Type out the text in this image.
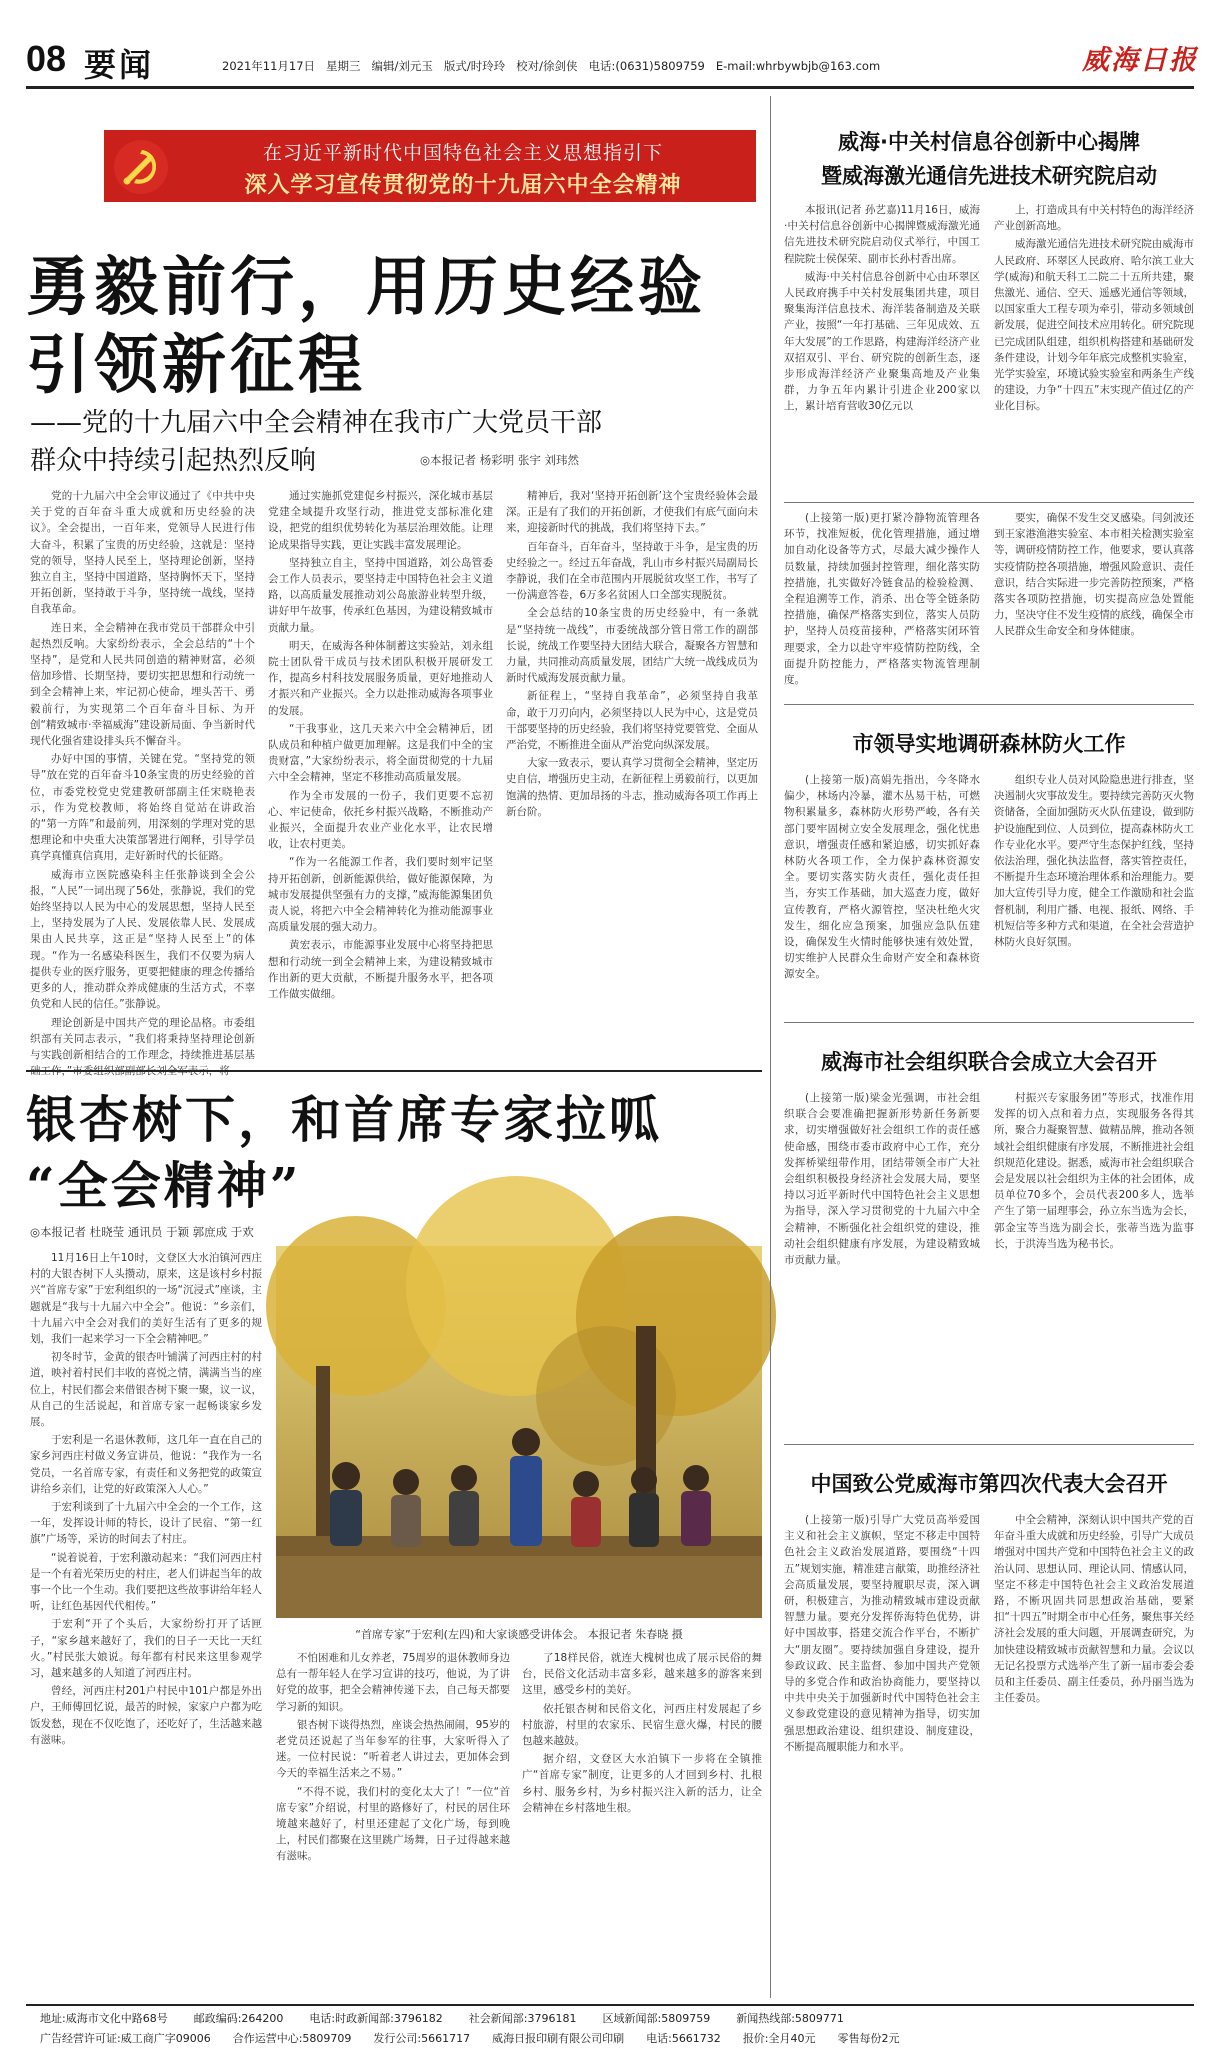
08 要闻	2021年11月17日 星期三 编辑/刘元玉 版式/时玲玲 校对/徐剑侠 电话:(0631)5809759 E-mail:whrbywbjb@163.com	威海日报
在习近平新时代中国特色社会主义思想指引下
深入学习宣传贯彻党的十九届六中全会精神
勇毅前行，用历史经验
引领新征程
——党的十九届六中全会精神在我市广大党员干部
群众中持续引起热烈反响	◎本报记者 杨彩明 张宇 刘玮然

党的十九届六中全会审议通过了《中共中央关于党的百年奋斗重大成就和历史经验的决议》。全会提出，一百年来，党领导人民进行伟大奋斗，积累了宝贵的历史经验，这就是：坚持党的领导，坚持人民至上，坚持理论创新，坚持独立自主，坚持中国道路，坚持胸怀天下，坚持开拓创新，坚持敢于斗争，坚持统一战线，坚持自我革命。

连日来，全会精神在我市党员干部群众中引起热烈反响。大家纷纷表示，全会总结的“十个坚持”，是党和人民共同创造的精神财富，必须倍加珍惜、长期坚持，要切实把思想和行动统一到全会精神上来，牢记初心使命，埋头苦干、勇毅前行，为实现第二个百年奋斗目标、为开创“精致城市·幸福威海”建设新局面、争当新时代现代化强省建设排头兵不懈奋斗。

办好中国的事情，关键在党。“坚持党的领导”放在党的百年奋斗10条宝贵的历史经验的首位，市委党校党史党建教研部副主任宋晓艳表示，作为党校教师，将始终自觉站在讲政治的“第一方阵”和最前列，用深刻的学理对党的思想理论和中央重大决策部署进行阐释，引导学员真学真懂真信真用，走好新时代的长征路。

威海市立医院感染科主任张静谈到全会公报，“人民”一词出现了56处，张静说，我们的党始终坚持以人民为中心的发展思想，坚持人民至上，坚持发展为了人民、发展依靠人民、发展成果由人民共享，这正是“坚持人民至上”的体现。“作为一名感染科医生，我们不仅要为病人提供专业的医疗服务，更要把健康的理念传播给更多的人，推动群众养成健康的生活方式，不辜负党和人民的信任。”张静说。

理论创新是中国共产党的理论品格。市委组织部有关同志表示，“我们将秉持坚持理论创新与实践创新相结合的工作理念，持续推进基层基

通过实施抓党建促乡村振兴，深化城市基层党建全域提升攻坚行动，推进党支部标准化建设，把党的组织优势转化为基层治理效能。让理论成果指导实践，更让实践丰富发展理论。

坚持独立自主，坚持中国道路，刘公岛管委会工作人员表示，要坚持走中国特色社会主义道路，以高质量发展推动刘公岛旅游业转型升级，讲好甲午故事，传承红色基因，为建设精致城市贡献力量。

明天，在威海各种体制蓄这实验站，刘永组院士团队骨干成员与技术团队积极开展研发工作，提高乡村科技发展服务质量，更好地推动人才振兴和产业振兴。全力以赴推动威海各项事业的发展。

“干我事业，这几天来六中全会精神后，团队成员和种植户做更加理解。这是我们中全的宝贵财富，”大家纷纷表示，将全面贯彻党的十九届六中全会精神，坚定不移推动高质量发展。

作为全市发展的一份子，我们更要不忘初心、牢记使命，依托乡村振兴战略，不断推动产业振兴，全面提升农业产业化水平，让农民增收，让农村更美。

“作为一名能源工作者，我们要时刻牢记坚持开拓创新，创新能源供给，做好能源保障，为城市发展提供坚强有力的支撑，”威海能源集团负责人说，将把六中全会精神转化为推动能源事业高质量发展的强大动力。

黄宏表示，市能源事业发展中心将坚持把思想和行动统一到全会精神上来，为建设精致城市作出新的更大贡献，不断提升服务水平，把各项工作做实做细。

精神后，我对‘坚持开拓创新’这个宝贵经验体会最深。正是有了我们的开拓创新，才使我们有底气面向未来，迎接新时代的挑战，我们将坚持下去。”

百年奋斗，百年奋斗，坚持敢于斗争，是宝贵的历史经验之一。经过五年奋战，乳山市乡村振兴局副局长李静说，我们在全市范围内开展脱贫攻坚工作，书写了一份满意答卷，6万多名贫困人口全部实现脱贫。

全会总结的10条宝贵的历史经验中，有一条就是“坚持统一战线”，市委统战部分管日常工作的副部长说，统战工作要坚持大团结大联合，凝聚各方智慧和力量，共同推动高质量发展，团结广大统一战线成员为新时代威海发展贡献力量。

新征程上，“坚持自我革命”，必须坚持自我革命，敢于刀刃向内，必须坚持以人民为中心，这是党员干部要坚持的历史经验，我们将坚持党要管党、全面从严治党，不断推进全面从严治党向纵深发展。

大家一致表示，要认真学习贯彻全会精神，坚定历史自信，增强历史主动，在新征程上勇毅前行，以更加饱满的热情、更加昂扬的斗志，推动威海各项工作再上新台阶。

银杏树下，和首席专家拉呱
“全会精神”
◎本报记者 杜晓莹 通讯员 于颖 郭庶成 于欢

11月16日上午10时，文登区大水泊镇河西庄村的大银杏树下人头攒动，原来，这是该村乡村振兴“首席专家”于宏利组织的一场“沉浸式”座谈，主题就是“我与十九届六中全会”。他说：“乡亲们，十九届六中全会对我们的美好生活有了更多的规划，我们一起来学习一下全会精神吧。”

初冬时节，金黄的银杏叶铺满了河西庄村的村道，映衬着村民们丰收的喜悦之情，满满当当的座位上，村民们都会来借银杏树下聚一聚，议一议，从自己的生活说起，和首席专家一起畅谈家乡发展。

于宏利是一名退休教师，这几年一直在自己的家乡河西庄村做义务宣讲员，他说：“我作为一名党员，一名首席专家，有责任和义务把党的政策宣讲给乡亲们，让党的好政策深入人心。”

于宏利谈到了十九届六中全会的一个工作，这一年，发挥设计师的特长，设计了民宿、“第一红旗”广场等，采访的时间去了村庄。

“说着说着，于宏利激动起来：“我们河西庄村是一个有着光荣历史的村庄，老人们讲起当年的故事一个比一个生动。我们要把这些故事讲给年轻人听，让红色基因代代相传。”

于宏利“开了个头后，大家纷纷打开了话匣子，“家乡越来越好了，我们的日子一天比一天红火。”村民张大娘说。每年都有村民来这里参观学习，越来越多的人知道了河西庄村。

曾经，河西庄村201户村民中101户都是外出户，王师傅回忆说，最苦的时候，家家户户都为吃饭发愁，现在不仅吃饱了，还吃好了，生活越来越有滋味。

“首席专家”于宏利(左四)和大家谈感受讲体会。 本报记者 朱春晓 摄

不怕困难和儿女养老，75周岁的退休教师身边总有一帮年轻人在学习宣讲的技巧，他说，为了讲好党的故事，把全会精神传递下去，自己每天都要学习新的知识。

银杏树下谈得热烈，座谈会热热闹闹，95岁的老党员还说起了当年参军的往事，大家听得入了迷。一位村民说：“听着老人讲过去，更加体会到今天的幸福生活来之不易。”

“不得不说，我们村的变化太大了！”一位“首席专家”介绍说，村里的路修好了，村民的居住环境越来越好了，村里还建起了文化广场，每到晚上，村民们都聚在这里跳广场舞，日子过得越来越有滋味。

了18样民俗，就连大槐树也成了展示民俗的舞台，民俗文化活动丰富多彩，越来越多的游客来到这里，感受乡村的美好。

依托银杏树和民俗文化，河西庄村发展起了乡村旅游，村里的农家乐、民宿生意火爆，村民的腰包越来越鼓。

据介绍，文登区大水泊镇下一步将在全镇推广“首席专家”制度，让更多的人才回到乡村、扎根乡村、服务乡村，为乡村振兴注入新的活力，让全会精神在乡村落地生根。

威海·中关村信息谷创新中心揭牌
暨威海激光通信先进技术研究院启动

本报讯(记者 孙艺嘉)11月16日，威海·中关村信息谷创新中心揭牌暨威海激光通信先进技术研究院启动仪式举行，中国工程院院士侯保荣、副市长孙村香出席。

威海·中关村信息谷创新中心由环翠区人民政府携手中关村发展集团共建，项目聚集海洋信息技术、海洋装备制造及关联产业，按照“一年打基础、三年见成效、五年大发展”的工作思路，构建海洋经济产业双招双引、平台、研究院的创新生态，逐步形成海洋经济产业聚集高地及产业集群，力争五年内累计引进企业200家以上，累计培育营收30亿元以

上，打造成具有中关村特色的海洋经济产业创新高地。

威海激光通信先进技术研究院由威海市人民政府、环翠区人民政府、哈尔滨工业大学(威海)和航天科工二院二十五所共建，聚焦激光、通信、空天、遥感光通信等领域，以国家重大工程专项为牵引，带动多领域创新发展，促进空间技术应用转化。研究院现已完成团队组建，组织机构搭建和基础研发条件建设，计划今年年底完成整机实验室，光学实验室，环境试验实验室和两条生产线的建设，力争“十四五”末实现产值过亿的产业化目标。

(上接第一版)更打紧冷静物流管理各环节，找准短板，优化管理措施，通过增加自动化设备等方式，尽最大减少操作人员数量，持续加强封控管理，细化落实防控措施，扎实做好冷链食品的检验检测、全程追溯等工作，消杀、出仓等全链条防控措施，确保严格落实到位，落实人员防护，坚持人员疫苗接种，严格落实闭环管理要求，全力以赴守牢疫情防控防线，全面提升防控能力，严格落实物流管理制度。

要实，确保不发生交叉感染。闫剑波还到王家港渔港实验室、本市相关检测实验室等，调研疫情防控工作，他要求，要认真落实疫情防控各项措施，增强风险意识、责任意识，结合实际进一步完善防控预案，严格落实各项防控措施，切实提高应急处置能力，坚决守住不发生疫情的底线，确保全市人民群众生命安全和身体健康。

市领导实地调研森林防火工作

(上接第一版)高娟先指出，今冬降水偏少，林场内冷暴，灌木丛易干枯，可燃物积累量多，森林防火形势严峻，各有关部门要牢固树立安全发展理念，强化忧患意识，增强责任感和紧迫感，切实抓好森林防火各项工作，全力保护森林资源安全。要切实落实防火责任，强化责任担当，夯实工作基础，加大巡查力度，做好宣传教育，严格火源管控，坚决杜绝火灾发生，细化应急预案，加强应急队伍建设，确保发生火情时能够快速有效处置，切实维护人民群众生命财产安全和森林资源安全。

组织专业人员对风险隐患进行排查，坚决遏制火灾事故发生。要持续完善防灭火物资储备，全面加强防灭火队伍建设，做到防护设施配到位、人员到位，提高森林防火工作专业化水平。要严守生态保护红线，坚持依法治理，强化执法监督，落实管控责任，不断提升生态环境治理体系和治理能力。要加大宣传引导力度，健全工作激励和社会监督机制，利用广播、电视、报纸、网络、手机短信等多种方式和渠道，在全社会营造护林防火良好氛围。

威海市社会组织联合会成立大会召开

(上接第一版)梁金光强调，市社会组织联合会要准确把握新形势新任务新要求，切实增强做好社会组织工作的责任感使命感，围绕市委市政府中心工作，充分发挥桥梁纽带作用，团结带领全市广大社会组织积极投身经济社会发展大局，要坚持以习近平新时代中国特色社会主义思想为指导，深入学习贯彻党的十九届六中全会精神，不断强化社会组织党的建设，推动社会组织健康有序发展，为建设精致城市贡献力量。

村振兴专家服务团”等形式，找准作用发挥的切入点和着力点，实现服务各得其所，聚合力凝聚智慧、做精品牌，推动各领域社会组织健康有序发展，不断推进社会组织规范化建设。据悉，威海市社会组织联合会是发展以社会组织为主体的社会团体，成员单位70多个，会员代表200多人，选举产生了第一届理事会，孙立东当选为会长，郭金宝等当选为副会长，张蒂当选为监事长，于洪涛当选为秘书长。

中国致公党威海市第四次代表大会召开

(上接第一版)引导广大党员高举爱国主义和社会主义旗帜，坚定不移走中国特色社会主义政治发展道路，要围绕“十四五”规划实施，精准建言献策，助推经济社会高质量发展，要坚持履职尽责，深入调研，积极建言，为推动精致城市建设贡献智慧力量。要充分发挥侨海特色优势，讲好中国故事，搭建交流合作平台，不断扩大“朋友圈”。要持续加强自身建设，提升参政议政、民主监督、参加中国共产党领导的多党合作和政治协商能力，要坚持以中共中央关于加强新时代中国特色社会主义参政党建设的意见精神为指导，切实加强思想政治建设、组织建设、制度建设，不断提高履职能力和水平。

中全会精神，深刻认识中国共产党的百年奋斗重大成就和历史经验，引导广大成员增强对中国共产党和中国特色社会主义的政治认同、思想认同、理论认同、情感认同，坚定不移走中国特色社会主义政治发展道路，不断巩固共同思想政治基础，要紧扣“十四五”时期全市中心任务，聚焦事关经济社会发展的重大问题，开展调查研究，为加快建设精致城市贡献智慧和力量。会议以无记名投票方式选举产生了新一届市委会委员和主任委员、副主任委员，孙丹丽当选为主任委员。

地址:威海市文化中路68号 邮政编码:264200 电话:时政新闻部:3796182 社会新闻部:3796181 区域新闻部:5809759 新闻热线部:5809771
广告经营许可证:威工商广字09006 合作运营中心:5809709 发行公司:5661717 威海日报印刷有限公司印刷 电话:5661732 报价:全月40元 零售每份2元
